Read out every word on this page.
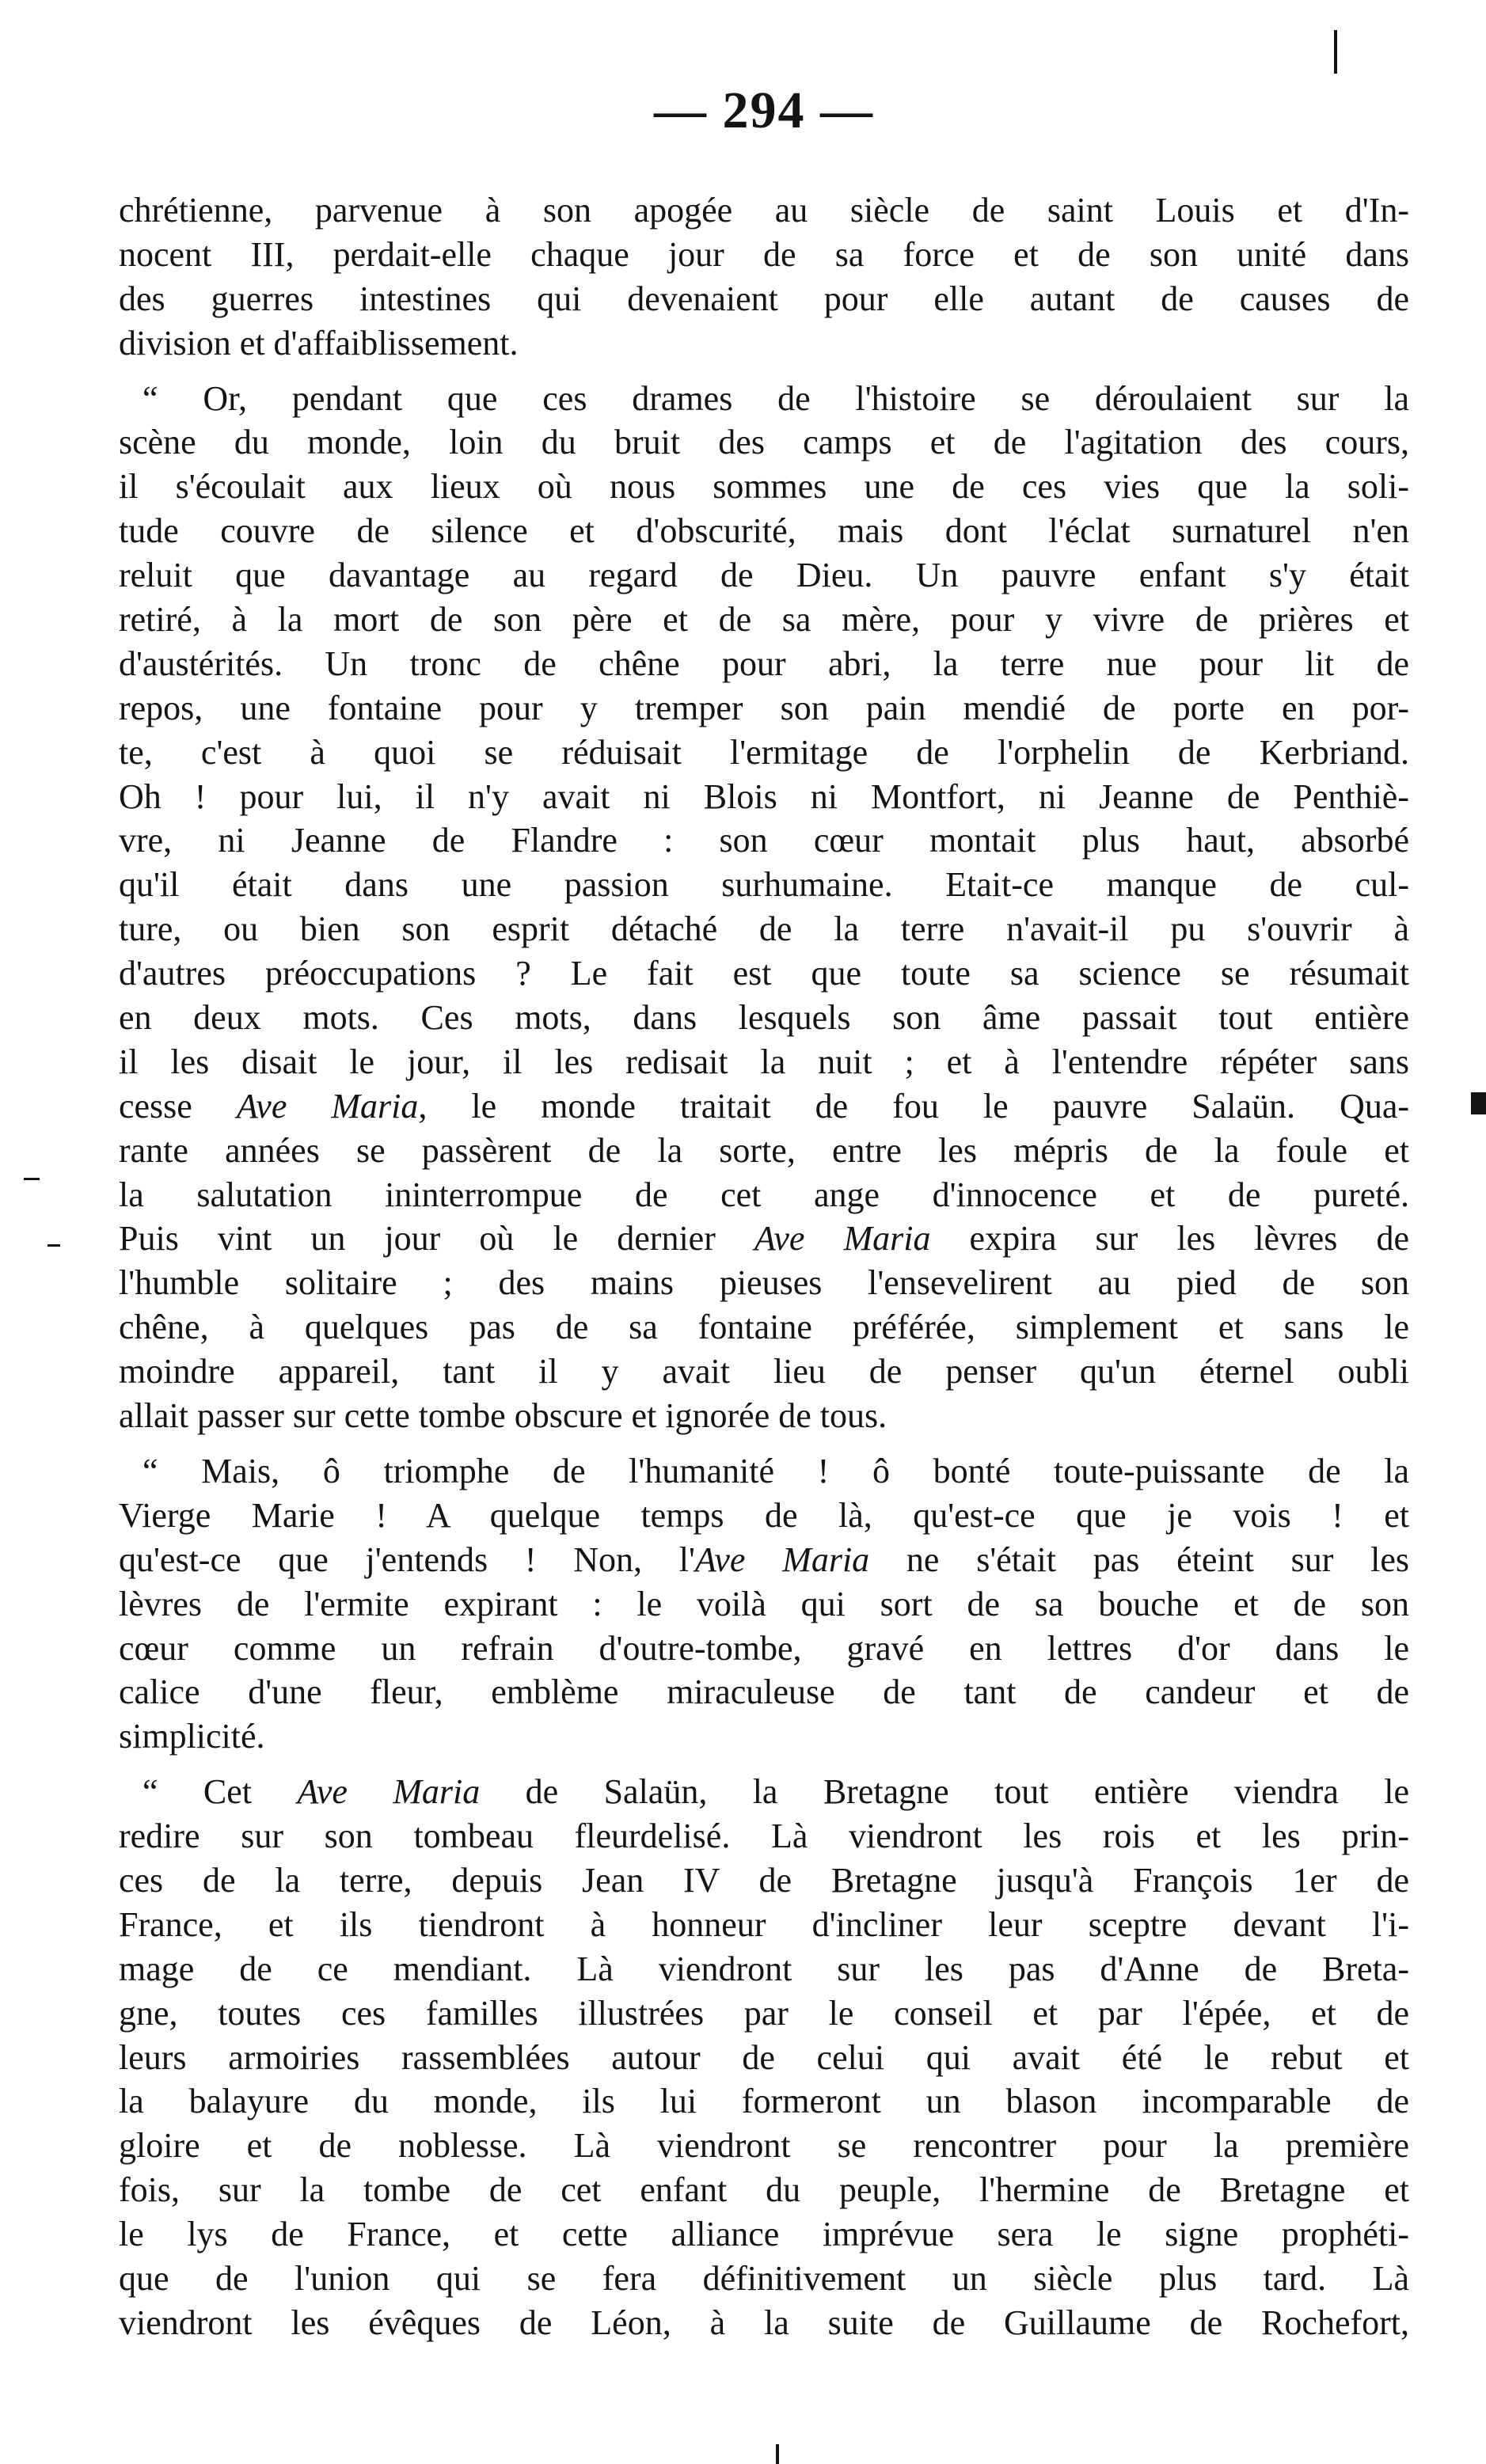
— 294 —
chrétienne, parvenue à son apogée au siècle de saint Louis et d'In-
nocent III, perdait-elle chaque jour de sa force et de son unité dans
des guerres intestines qui devenaient pour elle autant de causes de
division et d'affaiblissement.
“ Or, pendant que ces drames de l'histoire se déroulaient sur la
scène du monde, loin du bruit des camps et de l'agitation des cours,
il s'écoulait aux lieux où nous sommes une de ces vies que la soli-
tude couvre de silence et d'obscurité, mais dont l'éclat surnaturel n'en
reluit que davantage au regard de Dieu. Un pauvre enfant s'y était
retiré, à la mort de son père et de sa mère, pour y vivre de prières et
d'austérités. Un tronc de chêne pour abri, la terre nue pour lit de
repos, une fontaine pour y tremper son pain mendié de porte en por-
te, c'est à quoi se réduisait l'ermitage de l'orphelin de Kerbriand.
Oh ! pour lui, il n'y avait ni Blois ni Montfort, ni Jeanne de Penthiè-
vre, ni Jeanne de Flandre : son cœur montait plus haut, absorbé
qu'il était dans une passion surhumaine. Etait-ce manque de cul-
ture, ou bien son esprit détaché de la terre n'avait-il pu s'ouvrir à
d'autres préoccupations ? Le fait est que toute sa science se résumait
en deux mots. Ces mots, dans lesquels son âme passait tout entière
il les disait le jour, il les redisait la nuit ; et à l'entendre répéter sans
cesse Ave Maria, le monde traitait de fou le pauvre Salaün. Qua-
rante années se passèrent de la sorte, entre les mépris de la foule et
la salutation ininterrompue de cet ange d'innocence et de pureté.
Puis vint un jour où le dernier Ave Maria expira sur les lèvres de
l'humble solitaire ; des mains pieuses l'ensevelirent au pied de son
chêne, à quelques pas de sa fontaine préférée, simplement et sans le
moindre appareil, tant il y avait lieu de penser qu'un éternel oubli
allait passer sur cette tombe obscure et ignorée de tous.
“ Mais, ô triomphe de l'humanité ! ô bonté toute-puissante de la
Vierge Marie ! A quelque temps de là, qu'est-ce que je vois ! et
qu'est-ce que j'entends ! Non, l'Ave Maria ne s'était pas éteint sur les
lèvres de l'ermite expirant : le voilà qui sort de sa bouche et de son
cœur comme un refrain d'outre-tombe, gravé en lettres d'or dans le
calice d'une fleur, emblème miraculeuse de tant de candeur et de
simplicité.
“ Cet Ave Maria de Salaün, la Bretagne tout entière viendra le
redire sur son tombeau fleurdelisé. Là viendront les rois et les prin-
ces de la terre, depuis Jean IV de Bretagne jusqu'à François 1er de
France, et ils tiendront à honneur d'incliner leur sceptre devant l'i-
mage de ce mendiant. Là viendront sur les pas d'Anne de Breta-
gne, toutes ces familles illustrées par le conseil et par l'épée, et de
leurs armoiries rassemblées autour de celui qui avait été le rebut et
la balayure du monde, ils lui formeront un blason incomparable de
gloire et de noblesse. Là viendront se rencontrer pour la première
fois, sur la tombe de cet enfant du peuple, l'hermine de Bretagne et
le lys de France, et cette alliance imprévue sera le signe prophéti-
que de l'union qui se fera définitivement un siècle plus tard. Là
viendront les évêques de Léon, à la suite de Guillaume de Rochefort,
